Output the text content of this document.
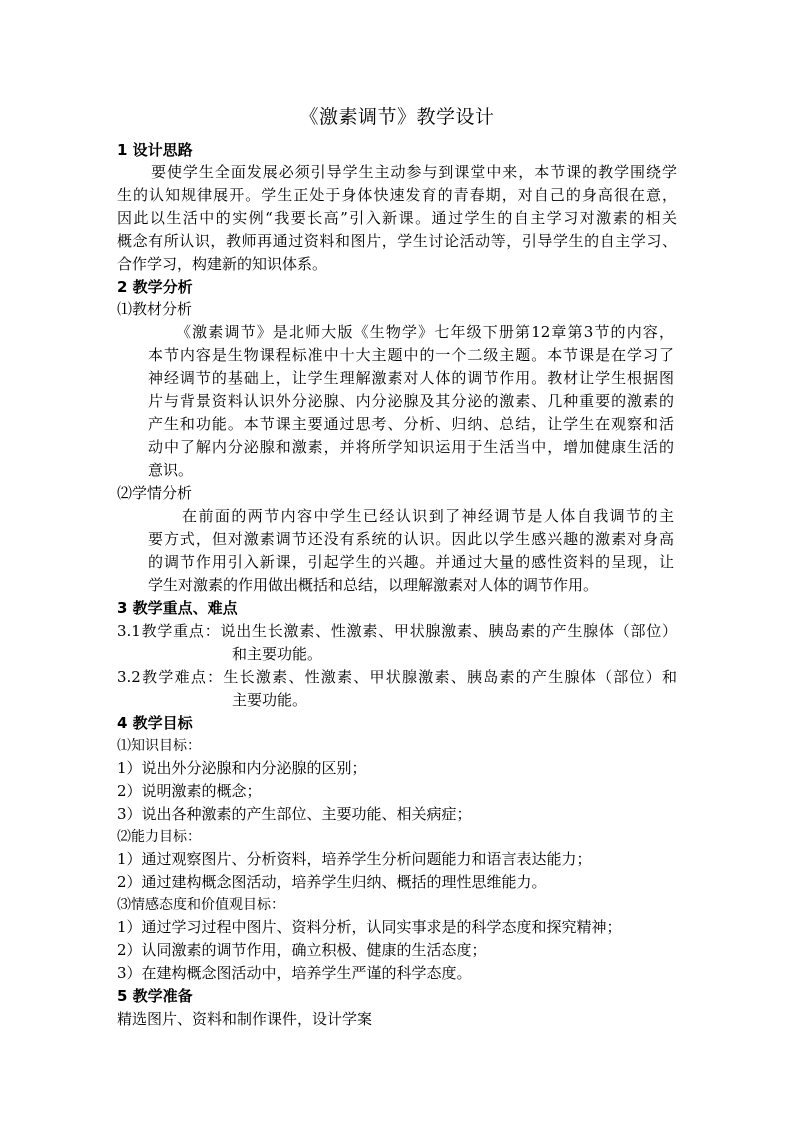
《激素调节》教学设计
1 设计思路
要使学生全面发展必须引导学生主动参与到课堂中来，本节课的教学围绕学
生的认知规律展开。学生正处于身体快速发育的青春期，对自己的身高很在意，
因此以生活中的实例“我要长高”引入新课。通过学生的自主学习对激素的相关
概念有所认识，教师再通过资料和图片，学生讨论活动等，引导学生的自主学习、
合作学习，构建新的知识体系。
2 教学分析
⑴教材分析
《激素调节》是北师大版《生物学》七年级下册第12章第3节的内容，
本节内容是生物课程标准中十大主题中的一个二级主题。本节课是在学习了
神经调节的基础上，让学生理解激素对人体的调节作用。教材让学生根据图
片与背景资料认识外分泌腺、内分泌腺及其分泌的激素、几种重要的激素的
产生和功能。本节课主要通过思考、分析、归纳、总结，让学生在观察和活
动中了解内分泌腺和激素，并将所学知识运用于生活当中，增加健康生活的
意识。
⑵学情分析
在前面的两节内容中学生已经认识到了神经调节是人体自我调节的主
要方式，但对激素调节还没有系统的认识。因此以学生感兴趣的激素对身高
的调节作用引入新课，引起学生的兴趣。并通过大量的感性资料的呈现，让
学生对激素的作用做出概括和总结，以理解激素对人体的调节作用。
3 教学重点、难点
3.1教学重点：说出生长激素、性激素、甲状腺激素、胰岛素的产生腺体（部位）
和主要功能。
3.2教学难点：生长激素、性激素、甲状腺激素、胰岛素的产生腺体（部位）和
主要功能。
4 教学目标
⑴知识目标：
1）说出外分泌腺和内分泌腺的区别；
2）说明激素的概念；
3）说出各种激素的产生部位、主要功能、相关病症；
⑵能力目标：
1）通过观察图片、分析资料，培养学生分析问题能力和语言表达能力；
2）通过建构概念图活动，培养学生归纳、概括的理性思维能力。
⑶情感态度和价值观目标：
1）通过学习过程中图片、资料分析，认同实事求是的科学态度和探究精神；
2）认同激素的调节作用，确立积极、健康的生活态度；
3）在建构概念图活动中，培养学生严谨的科学态度。
5 教学准备
精选图片、资料和制作课件，设计学案
